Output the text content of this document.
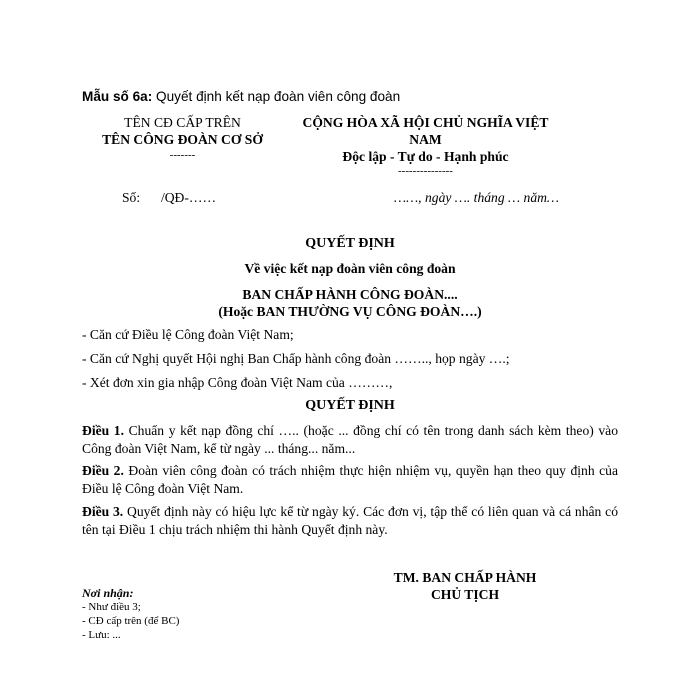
Mẫu số 6a: Quyết định kết nạp đoàn viên công đoàn
TÊN CĐ CẤP TRÊN
TÊN CÔNG ĐOÀN CƠ SỞ
-------
CỘNG HÒA XÃ HỘI CHỦ NGHĨA VIỆT
NAM
Độc lập - Tự do - Hạnh phúc
---------------
Số: /QĐ-……	……, ngày …. tháng … năm…
QUYẾT ĐỊNH
Về việc kết nạp đoàn viên công đoàn
BAN CHẤP HÀNH CÔNG ĐOÀN....
(Hoặc BAN THƯỜNG VỤ CÔNG ĐOÀN….)
- Căn cứ Điều lệ Công đoàn Việt Nam;
- Căn cứ Nghị quyết Hội nghị Ban Chấp hành công đoàn …….., họp ngày ….;
- Xét đơn xin gia nhập Công đoàn Việt Nam của ………,
QUYẾT ĐỊNH

Điều 1. Chuẩn y kết nạp đồng chí ….. (hoặc ... đồng chí có tên trong danh sách kèm theo) vào Công đoàn Việt Nam, kể từ ngày ... tháng... năm...

Điều 2. Đoàn viên công đoàn có trách nhiệm thực hiện nhiệm vụ, quyền hạn theo quy định của Điều lệ Công đoàn Việt Nam.

Điều 3. Quyết định này có hiệu lực kể từ ngày ký. Các đơn vị, tập thể có liên quan và cá nhân có tên tại Điều 1 chịu trách nhiệm thi hành Quyết định này.

Nơi nhận:
- Như điều 3;
- CĐ cấp trên (để BC)
- Lưu: ...
TM. BAN CHẤP HÀNH
CHỦ TỊCH
